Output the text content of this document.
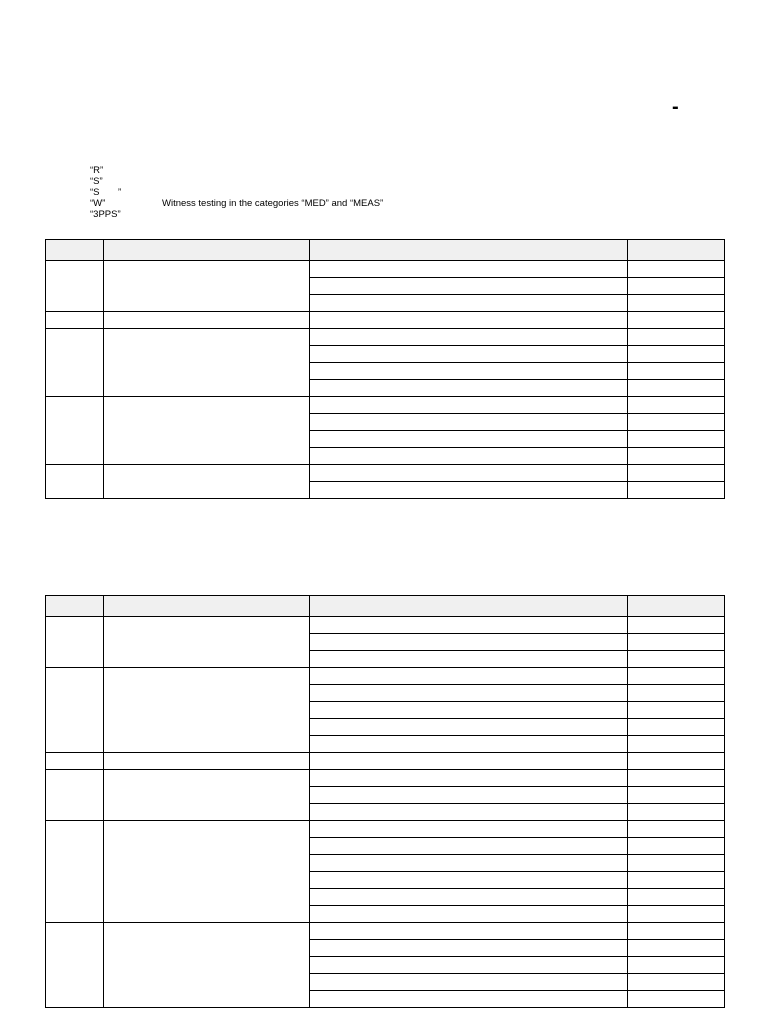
-
“R”
“S”
“S ”
“W”	Witness testing in the categories “MED” and “MEAS”
“3PPS”
